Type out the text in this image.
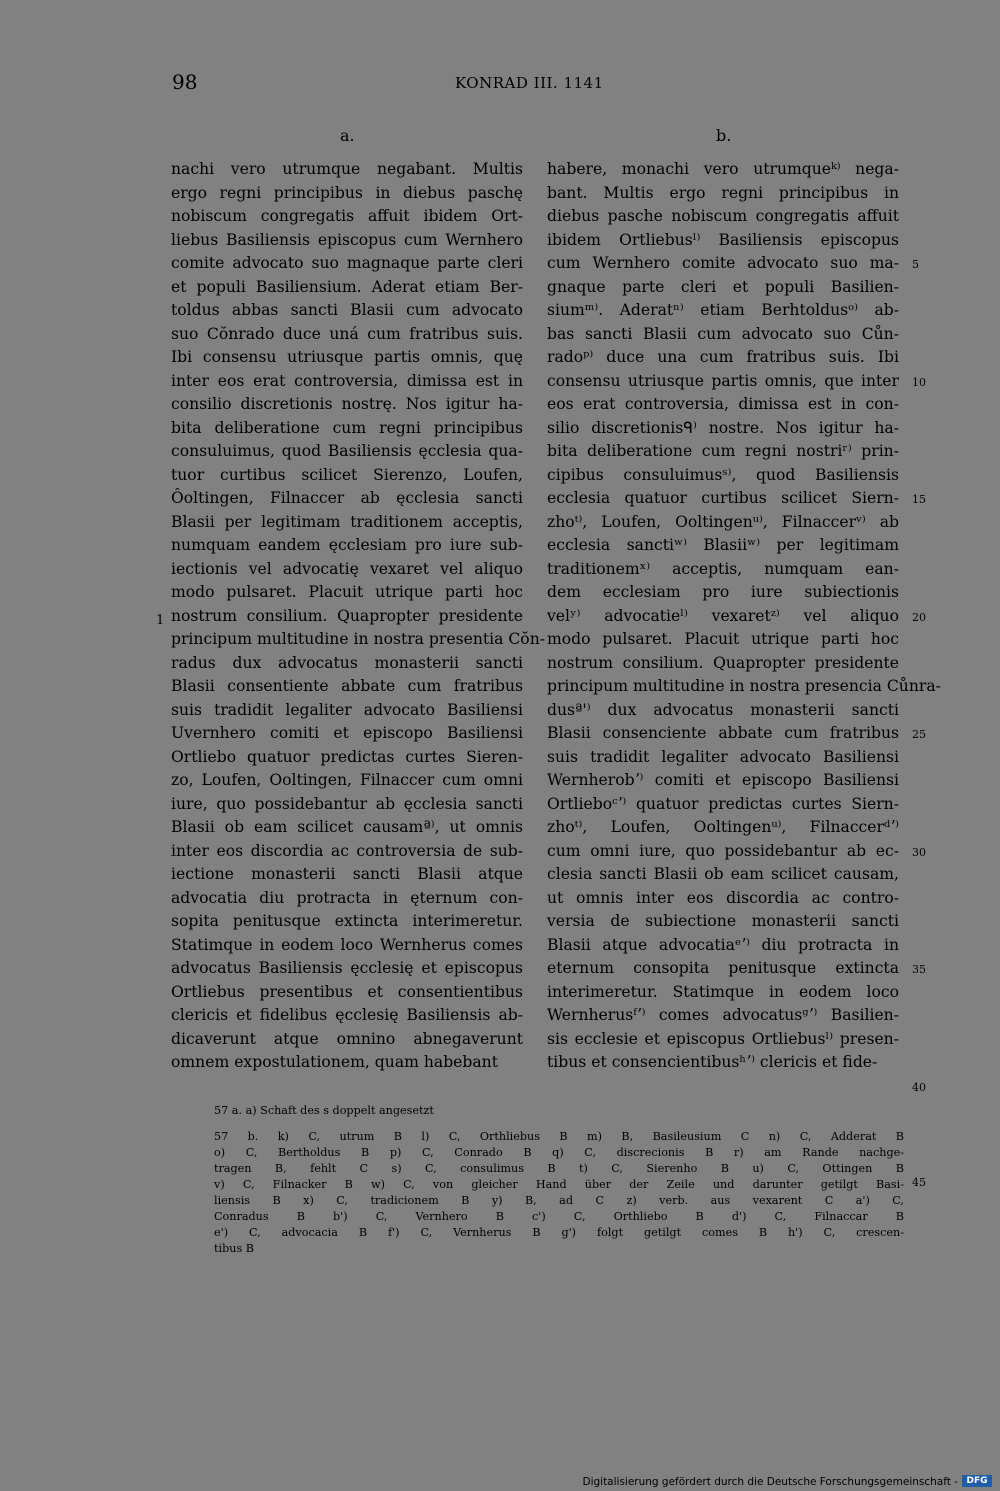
98	KONRAD III. 1141
a.	b.
nachi vero utrumque negabant. Multis
ergo regni principibus in diebus paschę
nobiscum congregatis affuit ibidem Ort-
liebus Basiliensis episcopus cum Wernhero
comite advocato suo magnaque parte cleri
et populi Basiliensium. Aderat etiam Ber-
toldus abbas sancti Blasii cum advocato
suo Cŏnrado duce uná cum fratribus suis.
Ibi consensu utriusque partis omnis, quę
inter eos erat controversia, dimissa est in
consilio discretionis nostrę. Nos igitur ha-
bita deliberatione cum regni principibus
consuluimus, quod Basiliensis ęcclesia qua-
tuor curtibus scilicet Sierenzo, Loufen,
Ôoltingen, Filnaccer ab ęcclesia sancti
Blasii per legitimam traditionem acceptis,
numquam eandem ęcclesiam pro iure sub-
iectionis vel advocatię vexaret vel aliquo
modo pulsaret. Placuit utrique parti hoc
nostrum consilium. Quapropter presidente
principum multitudine in nostra presentia Cŏn-
radus dux advocatus monasterii sancti
Blasii consentiente abbate cum fratribus
suis tradidit legaliter advocato Basiliensi
Uvernhero comiti et episcopo Basiliensi
Ortliebo quatuor predictas curtes Sieren-
zo, Loufen, Ooltingen, Filnaccer cum omni
iure, quo possidebantur ab ęcclesia sancti
Blasii ob eam scilicet causamª⁾, ut omnis
inter eos discordia ac controversia de sub-
iectione monasterii sancti Blasii atque
advocatia diu protracta in ęternum con-
sopita penitusque extincta interimeretur.
Statimque in eodem loco Wernherus comes
advocatus Basiliensis ęcclesię et episcopus
Ortliebus presentibus et consentientibus
clericis et fidelibus ęcclesię Basiliensis ab-
dicaverunt atque omnino abnegaverunt
omnem expostulationem, quam habebant
habere, monachi vero utrumqueᵏ⁾ nega-
bant. Multis ergo regni principibus in
diebus pasche nobiscum congregatis affuit
ibidem Ortliebusˡ⁾ Basiliensis episcopus
cum Wernhero comite advocato suo ma-
gnaque parte cleri et populi Basilien-
siumᵐ⁾. Aderatⁿ⁾ etiam Berhtoldusᵒ⁾ ab-
bas sancti Blasii cum advocato suo Cůn-
radoᵖ⁾ duce una cum fratribus suis. Ibi
consensu utriusque partis omnis, que inter
eos erat controversia, dimissa est in con-
silio discretionisᑫ⁾ nostre. Nos igitur ha-
bita deliberatione cum regni nostriʳ⁾ prin-
cipibus consuluimusˢ⁾, quod Basiliensis
ecclesia quatuor curtibus scilicet Siern-
zhoᵗ⁾, Loufen, Ooltingenᵘ⁾, Filnaccerᵛ⁾ ab
ecclesia sanctiʷ⁾ Blasiiʷ⁾ per legitimam
traditionemˣ⁾ acceptis, numquam ean-
dem ecclesiam pro iure subiectionis
velʸ⁾ advocatieˡ⁾ vexaretᶻ⁾ vel aliquo
modo pulsaret. Placuit utrique parti hoc
nostrum consilium. Quapropter presidente
principum multitudine in nostra presencia Cůnra-
dusª'⁾ dux advocatus monasterii sancti
Blasii consenciente abbate cum fratribus
suis tradidit legaliter advocato Basiliensi
Wernherobʼ⁾ comiti et episcopo Basiliensi
Ortlieboᶜʼ⁾ quatuor predictas curtes Siern-
zhoᵗ⁾, Loufen, Ooltingenᵘ⁾, Filnaccerᵈʼ⁾
cum omni iure, quo possidebantur ab ec-
clesia sancti Blasii ob eam scilicet causam,
ut omnis inter eos discordia ac contro-
versia de subiectione monasterii sancti
Blasii atque advocatiaᵉʼ⁾ diu protracta in
eternum consopita penitusque extincta
interimeretur. Statimque in eodem loco
Wernherusᶠʼ⁾ comes advocatusᵍʼ⁾ Basilien-
sis ecclesie et episcopus Ortliebusˡ⁾ presen-
tibus et consencientibusʰʼ⁾ clericis et fide-
1
5
10
15
20
25
30
35
40
45
57 a. a) Schaft des s doppelt angesetzt
57 b. k) C, utrum B l) C, Orthliebus B m) B, Basileusium C n) C, Adderat B
o) C, Bertholdus B p) C, Conrado B q) C, discrecionis B r) am Rande nachge-
tragen B, fehlt C s) C, consulimus B t) C, Sierenho B u) C, Ottingen B
v) C, Filnacker B w) C, von gleicher Hand über der Zeile und darunter getilgt Basi-
liensis B x) C, tradicionem B y) B, ad C z) verb. aus vexarent C a') C,
Conradus B b') C, Vernhero B c') C, Orthliebo B d') C, Filnaccar B
e') C, advocacia B f') C, Vernherus B g') folgt getilgt comes B h') C, crescen-
tibus B
Digitalisierung gefördert durch die Deutsche Forschungsgemeinschaft - DFG
